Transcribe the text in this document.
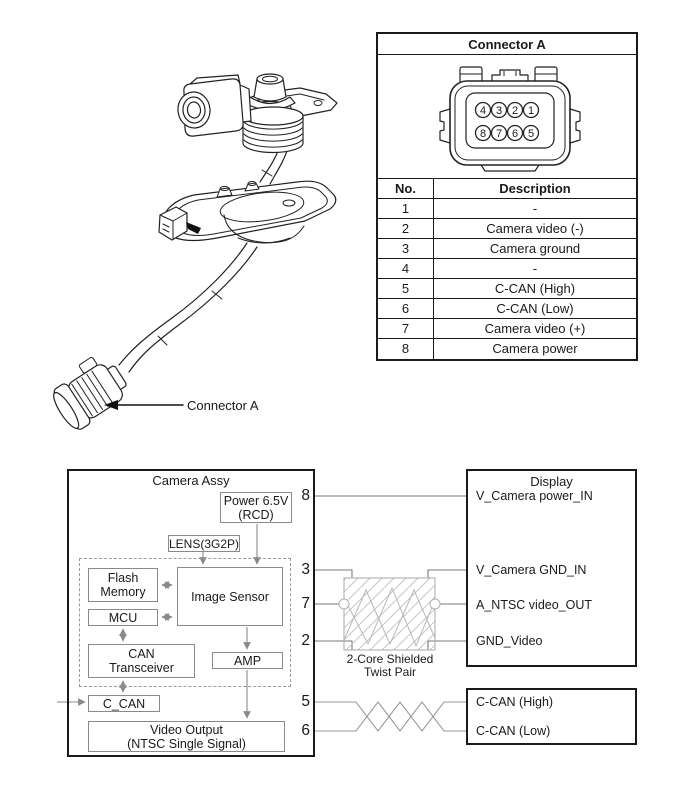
Connector A
Connector A
4 3 2 1
8 7 6 5
No.	Description
1	-
2	Camera video (-)
3	Camera ground
4	-
5	C-CAN (High)
6	C-CAN (Low)
7	Camera video (+)
8	Camera power
Camera Assy
Power 6.5V
(RCD)
LENS(3G2P)
Flash
Memory	Image Sensor
MCU
CAN
Transceiver
AMP
C_CAN
Video Output
(NTSC Single Signal)
8
3
7
2
5
6
2-Core Shielded
Twist Pair
Display
V_Camera power_IN
V_Camera GND_IN
A_NTSC video_OUT
GND_Video
C-CAN (High)
C-CAN (Low)
